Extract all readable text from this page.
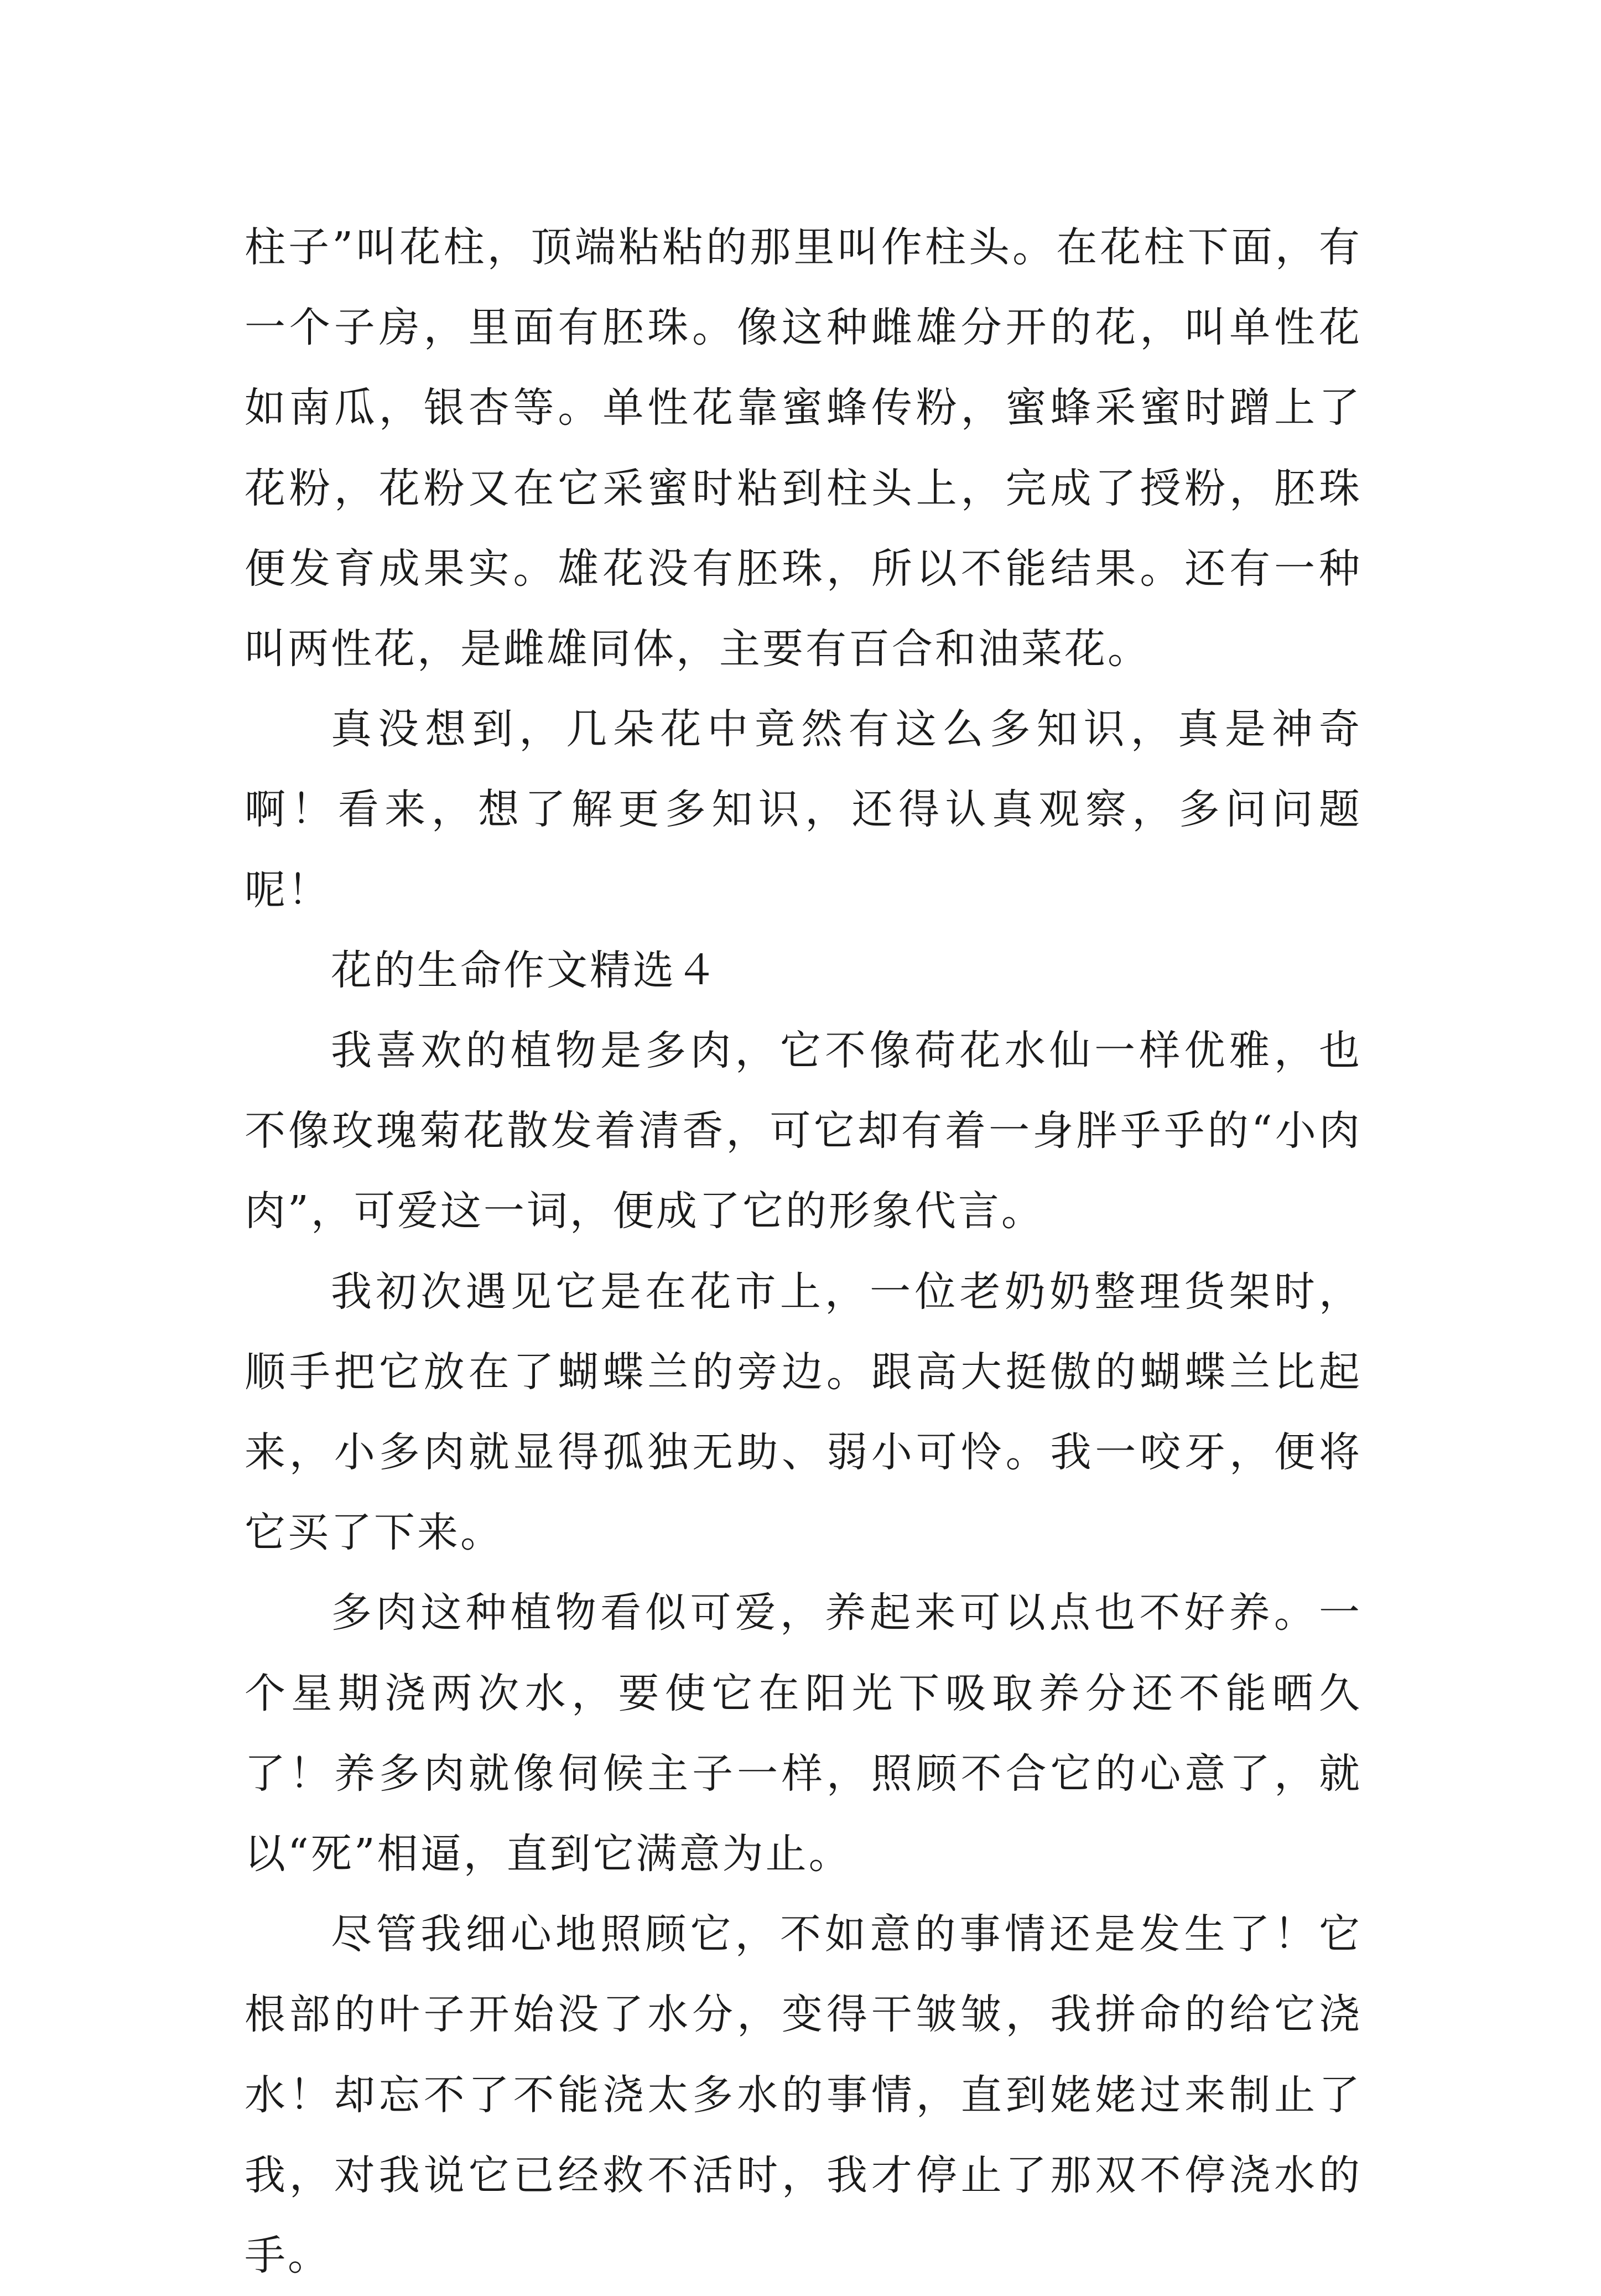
柱子”叫花柱，顶端粘粘的那里叫作柱头。在花柱下面，有一个子房，里面有胚珠。像这种雌雄分开的花，叫单性花如南瓜，银杏等。单性花靠蜜蜂传粉，蜜蜂采蜜时蹭上了花粉，花粉又在它采蜜时粘到柱头上，完成了授粉，胚珠便发育成果实。雄花没有胚珠，所以不能结果。还有一种叫两性花，是雌雄同体，主要有百合和油菜花。

真没想到，几朵花中竟然有这么多知识，真是神奇啊！看来，想了解更多知识，还得认真观察，多问问题呢！

花的生命作文精选４

我喜欢的植物是多肉，它不像荷花水仙一样优雅，也不像玫瑰菊花散发着清香，可它却有着一身胖乎乎的“小肉肉”，可爱这一词，便成了它的形象代言。

我初次遇见它是在花市上，一位老奶奶整理货架时，顺手把它放在了蝴蝶兰的旁边。跟高大挺傲的蝴蝶兰比起来，小多肉就显得孤独无助、弱小可怜。我一咬牙，便将它买了下来。

多肉这种植物看似可爱，养起来可以点也不好养。一个星期浇两次水，要使它在阳光下吸取养分还不能晒久了！养多肉就像伺候主子一样，照顾不合它的心意了，就以“死”相逼，直到它满意为止。

尽管我细心地照顾它，不如意的事情还是发生了！它根部的叶子开始没了水分，变得干皱皱，我拼命的给它浇水！却忘不了不能浇太多水的事情，直到姥姥过来制止了我，对我说它已经救不活时，我才停止了那双不停浇水的手。
